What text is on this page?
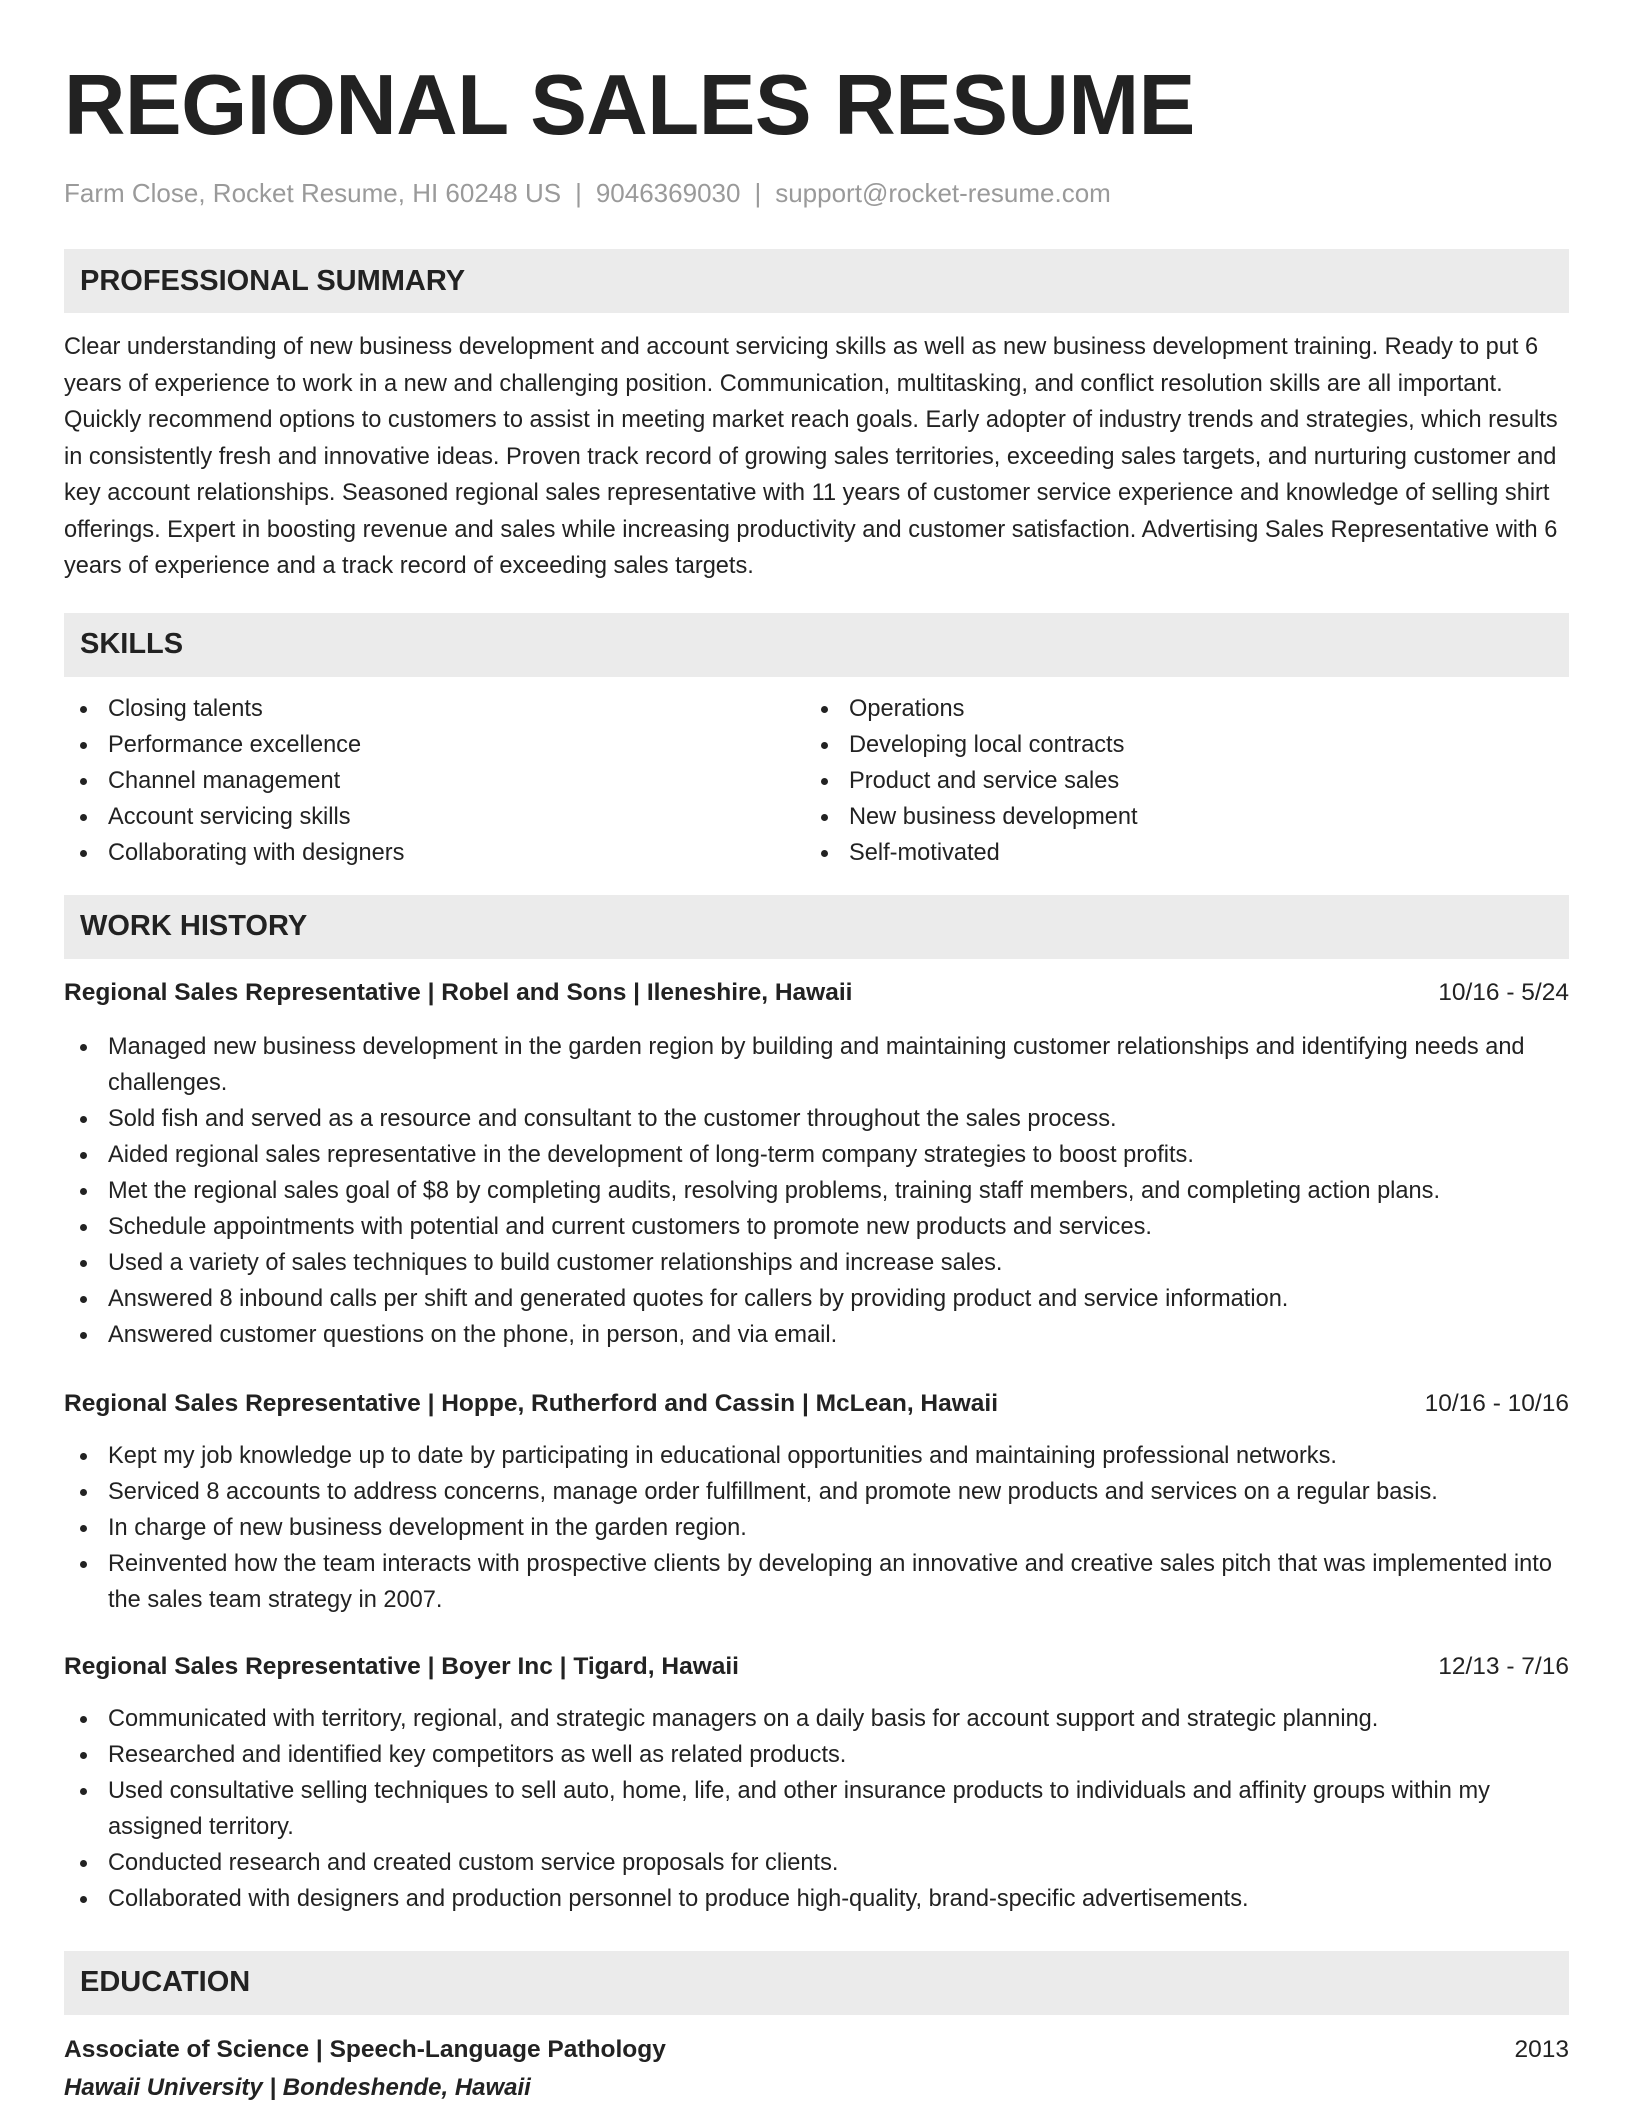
REGIONAL SALES RESUME
Farm Close, Rocket Resume, HI 60248 US | 9046369030 | support@rocket-resume.com
PROFESSIONAL SUMMARY
Clear understanding of new business development and account servicing skills as well as new business development training. Ready to put 6 years of experience to work in a new and challenging position. Communication, multitasking, and conflict resolution skills are all important. Quickly recommend options to customers to assist in meeting market reach goals. Early adopter of industry trends and strategies, which results in consistently fresh and innovative ideas. Proven track record of growing sales territories, exceeding sales targets, and nurturing customer and key account relationships. Seasoned regional sales representative with 11 years of customer service experience and knowledge of selling shirt offerings. Expert in boosting revenue and sales while increasing productivity and customer satisfaction. Advertising Sales Representative with 6 years of experience and a track record of exceeding sales targets.
SKILLS
Closing talents
Performance excellence
Channel management
Account servicing skills
Collaborating with designers
Operations
Developing local contracts
Product and service sales
New business development
Self-motivated
WORK HISTORY
Regional Sales Representative | Robel and Sons | Ileneshire, Hawaii	10/16 - 5/24
Managed new business development in the garden region by building and maintaining customer relationships and identifying needs and challenges.
Sold fish and served as a resource and consultant to the customer throughout the sales process.
Aided regional sales representative in the development of long-term company strategies to boost profits.
Met the regional sales goal of $8 by completing audits, resolving problems, training staff members, and completing action plans.
Schedule appointments with potential and current customers to promote new products and services.
Used a variety of sales techniques to build customer relationships and increase sales.
Answered 8 inbound calls per shift and generated quotes for callers by providing product and service information.
Answered customer questions on the phone, in person, and via email.
Regional Sales Representative | Hoppe, Rutherford and Cassin | McLean, Hawaii	10/16 - 10/16
Kept my job knowledge up to date by participating in educational opportunities and maintaining professional networks.
Serviced 8 accounts to address concerns, manage order fulfillment, and promote new products and services on a regular basis.
In charge of new business development in the garden region.
Reinvented how the team interacts with prospective clients by developing an innovative and creative sales pitch that was implemented into the sales team strategy in 2007.
Regional Sales Representative | Boyer Inc | Tigard, Hawaii	12/13 - 7/16
Communicated with territory, regional, and strategic managers on a daily basis for account support and strategic planning.
Researched and identified key competitors as well as related products.
Used consultative selling techniques to sell auto, home, life, and other insurance products to individuals and affinity groups within my assigned territory.
Conducted research and created custom service proposals for clients.
Collaborated with designers and production personnel to produce high-quality, brand-specific advertisements.
EDUCATION
Associate of Science | Speech-Language Pathology	2013
Hawaii University | Bondeshende, Hawaii
